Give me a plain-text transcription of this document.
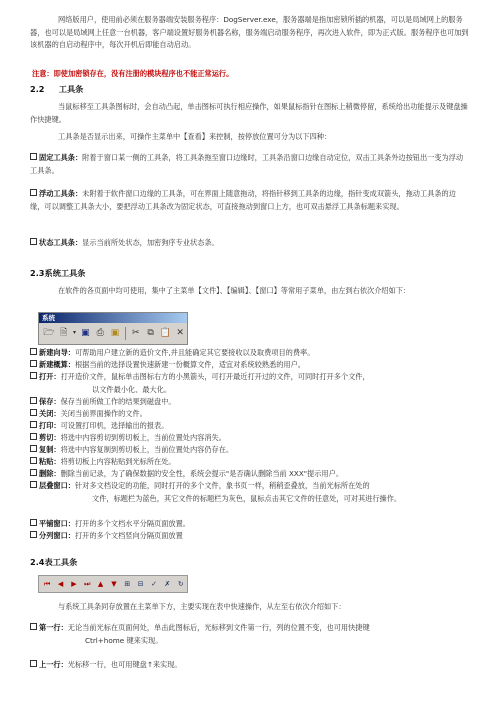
网络版用户，使用前必须在服务器端安装服务程序：DogServer.exe，服务器端是指加密锁所插的机器，可以是局域网上的服务器，也可以是局域网上任意一台机器，客户端设置好服务机器名称，服务端启动服务程序，再次进入软件，即为正式版。服务程序也可加到该机器的自启动程序中，每次开机后即能自动启动。
注意：即使加密锁存在，没有注册的模块程序也不能正常运行。
2.2 工具条
当鼠标移至工具条图标时，会自动凸起，单击图标可执行相应操作，如果鼠标指针在图标上稍微停留，系统给出功能提示及键盘操作快捷键。
工具条是否显示出来，可操作主菜单中【查看】来控制，按停放位置可分为以下四种：
固定工具条：附着于窗口某一侧的工具条，将工具条拖至窗口边缘时，工具条沿窗口边缘自动定位，双击工具条外边按钮出一变为浮动工具条。
浮动工具条：未附着于软件窗口边缘的工具条，可在界面上随意拖动，将指针移到工具条的边缘，指针变成双箭头，拖动工具条的边缘，可以调整工具条大小，要把浮动工具条改为固定状态，可直接拖动到窗口上方，也可双击悬浮工具条标题来实现。
状态工具条：显示当前所处状态，加密狗序专业状态条。
2.3系统工具条
在软件的各页面中均可使用，集中了主菜单【文件】、【编辑】、【窗口】等常用子菜单，由左到右依次介绍如下：
系统
🗁 🗎 ▾ ▣ ⎙ ▣	✂ ⧉ 📋 ✕
新建向导：可帮助用户建立新的造价文件,并且能确定其它要接收以及取费项目的费率。
新建概算：根据当前的选择设置快速新建一份概算文件，适宜对系统较熟悉的用户。
打开：打开造价文件，鼠标单击图标右方的小黑箭头，可打开最近打开过的文件，可同时打开多个文件，
以文件最小化、最大化。
保存：保存当前所做工作的结果到磁盘中。
关闭：关闭当前界面操作的文件。
打印：可设置打印机，选择输出的报表。
剪切：将选中内容剪切到剪切板上，当前位置处内容消失。
复制：将选中内容复制到剪切板上，当前位置处内容仍存在。
粘贴：将剪切板上内容粘贴到光标所在处。
删除：删除当前记录，为了确保数据的安全性，系统会提示"是否确认删除当前 XXX"提示用户。
层叠窗口：针对多文档设定的功能，同时打开的多个文件，象书页一样，稍稍歪叠放，当前光标所在处的
文件，标题栏为蓝色，其它文件的标题栏为灰色，鼠标点击其它文件的任意处，可对其进行操作。
平铺窗口：打开的多个文档水平分隔页面放置。
分列窗口：打开的多个文档竖向分隔页面放置
2.4表工具条
⏮	◀	▶	⏭	▲	▼	⊞	⊟	✓	✗	↻
与系统工具条同存放置在主菜单下方，主要实现在表中快速操作，从左至右依次介绍如下：
第一行：无论当前光标在页面何处，单击此图标后，光标移到文件第一行，列的位置不变，也可用快捷键
Ctrl+home 键来实现。
上一行：光标移一行，也可用键盘↑来实现。
